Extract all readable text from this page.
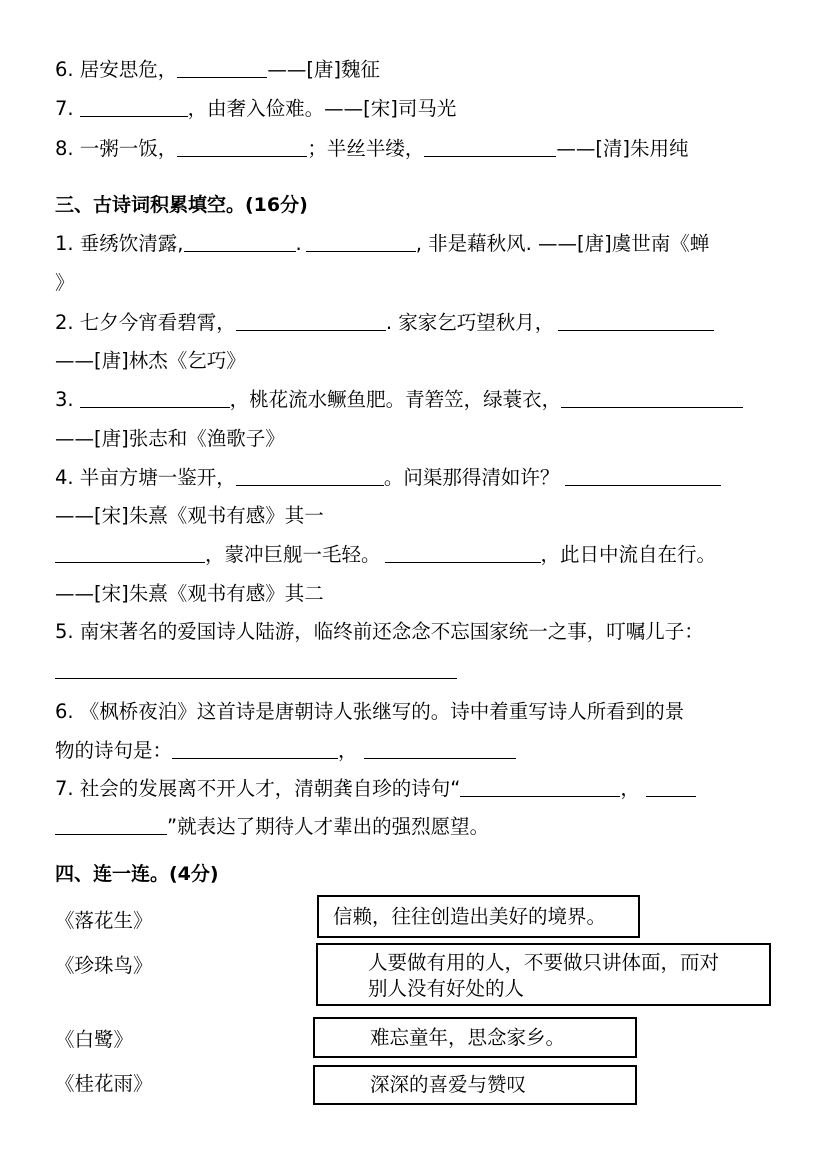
6. 居安思危，	——[唐]魏征
7.	，由奢入俭难。——[宋]司马光
8. 一粥一饭，	；半丝半缕，	——[清]朱用纯
三、古诗词积累填空。(16分)
1. 垂绣饮清露,	.	, 非是藉秋风. ——[唐]虞世南《蝉
》
2. 七夕今宵看碧霄，	. 家家乞巧望秋月，
——[唐]林杰《乞巧》
3.	，桃花流水鳜鱼肥。青箬笠，绿蓑衣，
——[唐]张志和《渔歌子》
4. 半亩方塘一鉴开，	。问渠那得清如许？
——[宋]朱熹《观书有感》其一
，蒙冲巨舰一毛轻。	，此日中流自在行。
——[宋]朱熹《观书有感》其二
5. 南宋著名的爱国诗人陆游，临终前还念念不忘国家统一之事，叮嘱儿子：
6. 《枫桥夜泊》这首诗是唐朝诗人张继写的。诗中着重写诗人所看到的景
物的诗句是：	，
7. 社会的发展离不开人才，清朝龚自珍的诗句“	，
”就表达了期待人才辈出的强烈愿望。
四、连一连。(4分)
《落花生》
《珍珠鸟》
《白鹭》
《桂花雨》
信赖，往往创造出美好的境界。
人要做有用的人，不要做只讲体面，而对
别人没有好处的人
难忘童年，思念家乡。
深深的喜爱与赞叹
